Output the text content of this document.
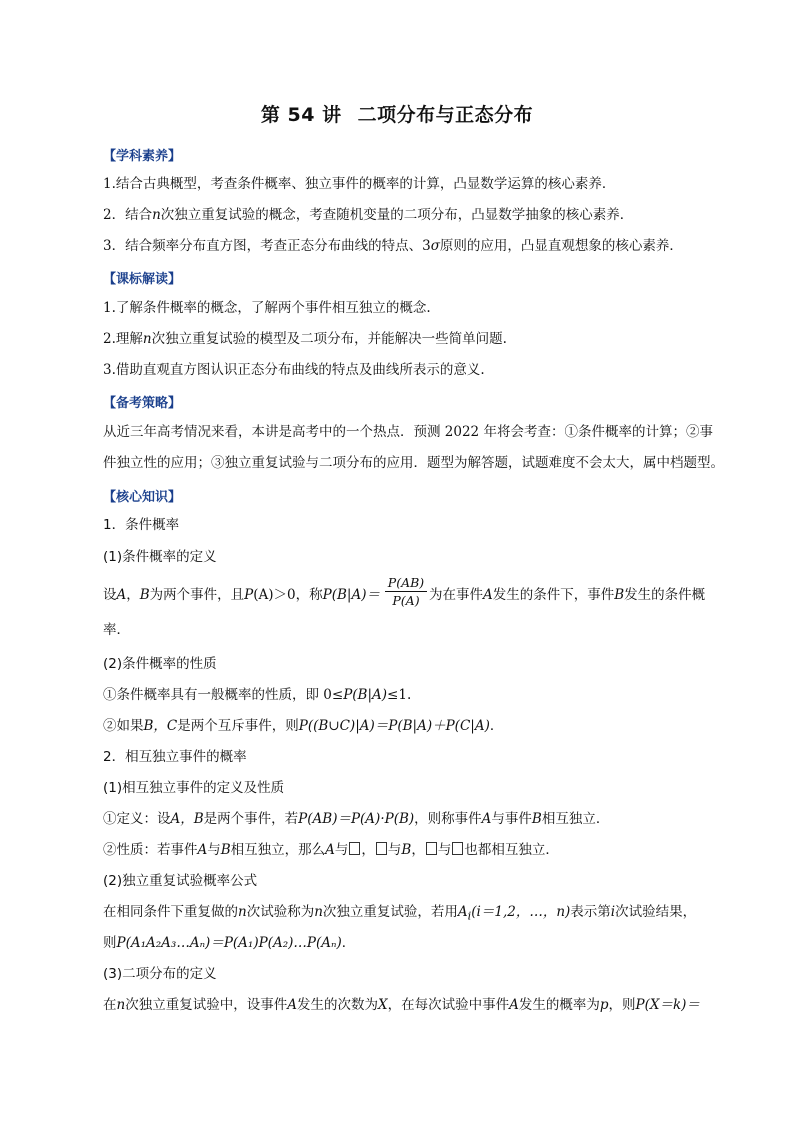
第 54 讲 二项分布与正态分布
【学科素养】
1.结合古典概型，考查条件概率、独立事件的概率的计算，凸显数学运算的核心素养．
2．结合n次独立重复试验的概念，考查随机变量的二项分布，凸显数学抽象的核心素养．
3．结合频率分布直方图，考查正态分布曲线的特点、3σ原则的应用，凸显直观想象的核心素养．
【课标解读】
1.了解条件概率的概念，了解两个事件相互独立的概念.
2.理解n次独立重复试验的模型及二项分布，并能解决一些简单问题.
3.借助直观直方图认识正态分布曲线的特点及曲线所表示的意义.
【备考策略】
从近三年高考情况来看，本讲是高考中的一个热点．预测 2022 年将会考查：①条件概率的计算；②事
件独立性的应用；③独立重复试验与二项分布的应用．题型为解答题，试题难度不会太大，属中档题型。
【核心知识】
1．条件概率
(1)条件概率的定义
设A，B为两个事件，且P(A)＞0，称$P(B|A)= \frac{P(AB)}{P(A)}$ 为在事件A发生的条件下，事件B发生的条件概
率．
(2)条件概率的性质
①条件概率具有一般概率的性质，即 0≤P(B|A)≤1.
②如果B，C是两个互斥事件，则P((B∪C)|A)＝P(B|A)＋P(C|A)．
2．相互独立事件的概率
(1)相互独立事件的定义及性质
①定义：设A，B是两个事件，若P(AB)＝P(A)·P(B)，则称事件A与事件B相互独立．
②性质：若事件A与B相互独立，那么A与 ， 与B， 与 也都相互独立．
(2)独立重复试验概率公式
在相同条件下重复做的n次试验称为n次独立重复试验，若用$A_i(i=1,2$，…，n)表示第i次试验结果，
则P(A₁A₂A₃…Aₙ)＝P(A₁)P(A₂)…P(Aₙ)．
(3)二项分布的定义
在n次独立重复试验中，设事件A发生的次数为X，在每次试验中事件A发生的概率为p，则P(X＝k)＝
